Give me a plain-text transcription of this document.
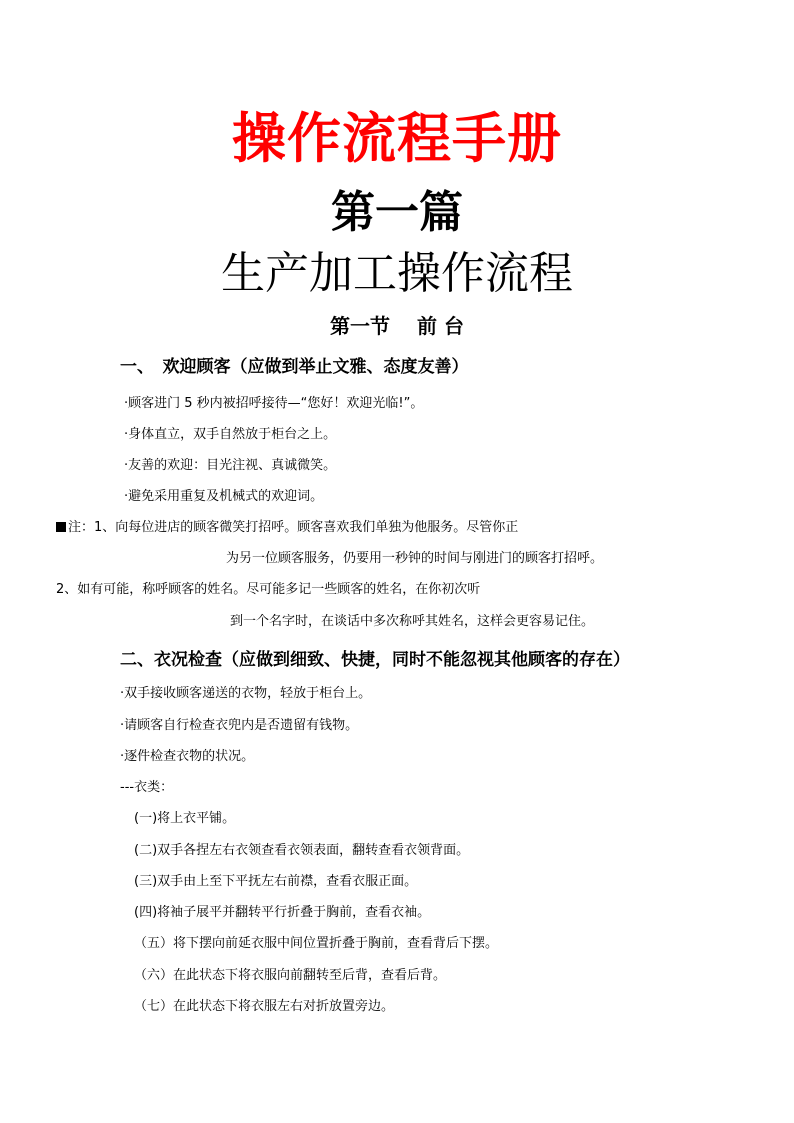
操作流程手册
第一篇
生产加工操作流程
第一节　 前 台
一、　欢迎顾客（应做到举止文雅、态度友善）
·顾客进门 5 秒内被招呼接待—“您好！欢迎光临!”。
·身体直立，双手自然放于柜台之上。
·友善的欢迎：目光注视、真诚微笑。
·避免采用重复及机械式的欢迎词。
注：1、向每位进店的顾客微笑打招呼。顾客喜欢我们单独为他服务。尽管你正
为另一位顾客服务，仍要用一秒钟的时间与刚进门的顾客打招呼。
2、如有可能，称呼顾客的姓名。尽可能多记一些顾客的姓名，在你初次听
到一个名字时，在谈话中多次称呼其姓名，这样会更容易记住。
二、衣况检查（应做到细致、快捷，同时不能忽视其他顾客的存在）
·双手接收顾客递送的衣物，轻放于柜台上。
·请顾客自行检查衣兜内是否遗留有钱物。
·逐件检查衣物的状况。
---衣类：
(一)将上衣平铺。
(二)双手各捏左右衣领查看衣领表面，翻转查看衣领背面。
(三)双手由上至下平抚左右前襟，查看衣服正面。
(四)将袖子展平并翻转平行折叠于胸前，查看衣袖。
（五）将下摆向前延衣服中间位置折叠于胸前，查看背后下摆。
（六）在此状态下将衣服向前翻转至后背，查看后背。
（七）在此状态下将衣服左右对折放置旁边。
